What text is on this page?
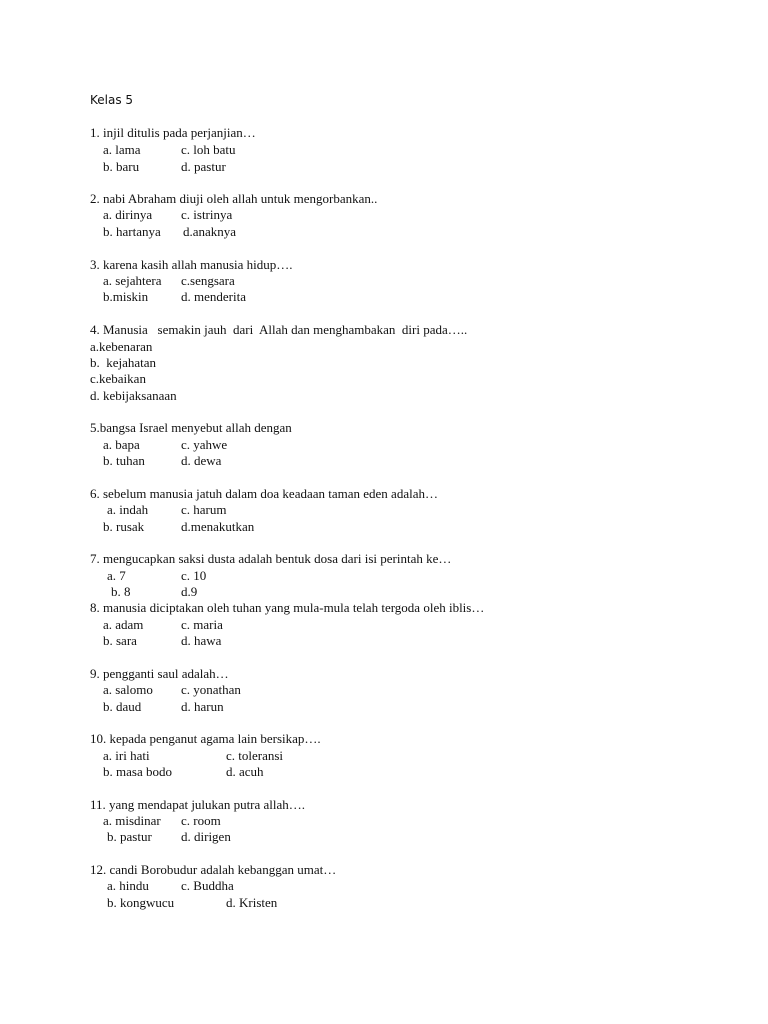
Kelas 5
1. injil ditulis pada perjanjian…
a. lama	c. loh batu
b. baru	d. pastur
2. nabi Abraham diuji oleh allah untuk mengorbankan..
a. dirinya c. istrinya
b. hartanya d.anaknya
3. karena kasih allah manusia hidup….
a. sejahtera c.sengsara
b.miskin	d. menderita
4. Manusia   semakin jauh  dari  Allah dan menghambakan  diri pada…..
a.kebenaran
b.  kejahatan
c.kebaikan
d. kebijaksanaan
5.bangsa Israel menyebut allah dengan
a. bapa	c. yahwe
b. tuhan	d. dewa
6. sebelum manusia jatuh dalam doa keadaan taman eden adalah…
a. indah	c. harum
b. rusak	d.menakutkan
7. mengucapkan saksi dusta adalah bentuk dosa dari isi perintah ke…
a. 7	c. 10
b. 8	d.9
8. manusia diciptakan oleh tuhan yang mula-mula telah tergoda oleh iblis…
a. adam	c. maria
b. sara	d. hawa
9. pengganti saul adalah…
a. salomo c. yonathan
b. daud	d. harun
10. kepada penganut agama lain bersikap….
a. iri hati	c. toleransi
b. masa bodo	d. acuh
11. yang mendapat julukan putra allah….
a. misdinar c. room
b. pastur d. dirigen
12. candi Borobudur adalah kebanggan umat…
a. hindu c. Buddha
b. kongwucu	d. Kristen
